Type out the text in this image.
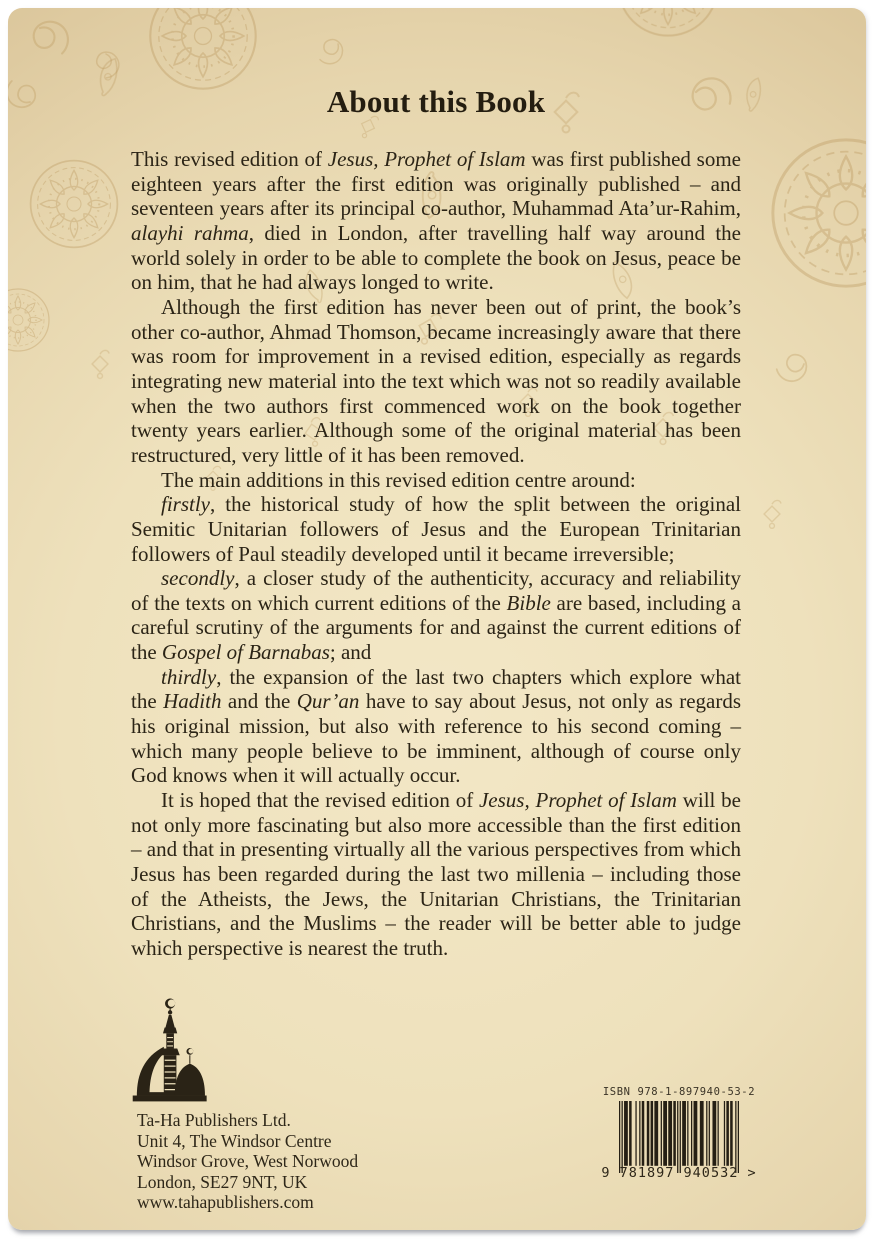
About this Book

This revised edition of Jesus, Prophet of Islam was first published some eighteen years after the first edition was originally published – and seventeen years after its principal co-author, Muhammad Ata’ur-Rahim, alayhi rahma, died in London, after travelling half way around the world solely in order to be able to complete the book on Jesus, peace be on him, that he had always longed to write.

Although the first edition has never been out of print, the book’s other co-author, Ahmad Thomson, became increasingly aware that there was room for improvement in a revised edition, especially as regards integrating new material into the text which was not so readily available when the two authors first commenced work on the book together twenty years earlier. Although some of the original material has been restructured, very little of it has been removed.

The main additions in this revised edition centre around:

firstly, the historical study of how the split between the original Semitic Unitarian followers of Jesus and the European Trinitarian followers of Paul steadily developed until it became irreversible;

secondly, a closer study of the authenticity, accuracy and reliability of the texts on which current editions of the Bible are based, including a careful scrutiny of the arguments for and against the current editions of the Gospel of Barnabas; and

thirdly, the expansion of the last two chapters which explore what the Hadith and the Qur’an have to say about Jesus, not only as regards his original mission, but also with reference to his second coming – which many people believe to be imminent, although of course only God knows when it will actually occur.

It is hoped that the revised edition of Jesus, Prophet of Islam will be not only more fascinating but also more accessible than the first edition – and that in presenting virtually all the various perspectives from which Jesus has been regarded during the last two millenia – including those of the Atheists, the Jews, the Unitarian Christians, the Trinitarian Christians, and the Muslims – the reader will be better able to judge which perspective is nearest the truth.

Ta-Ha Publishers Ltd.
Unit 4, The Windsor Centre
Windsor Grove, West Norwood
London, SE27 9NT, UK
www.tahapublishers.com
ISBN 978-1-897940-53-2
9 781897 940532 >
